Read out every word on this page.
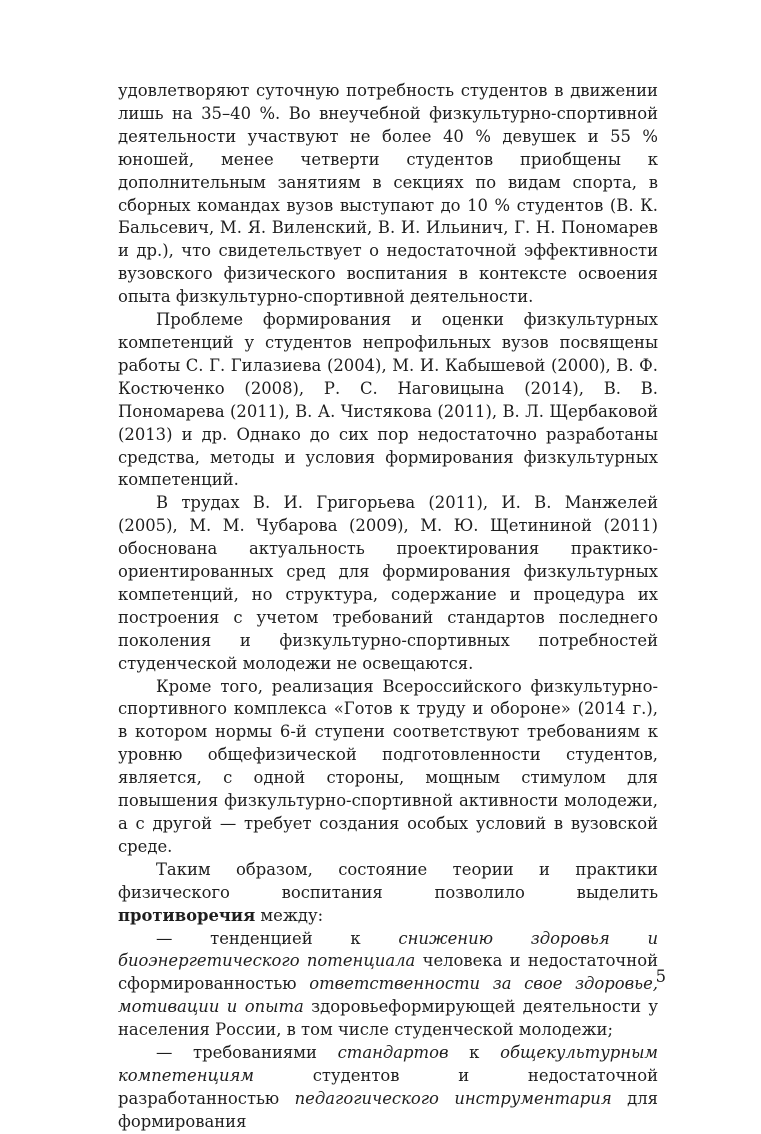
удовлетворяют суточную потребность студентов в движении лишь на 35–40 %. Во внеучебной физкультурно-спортивной деятельности участвуют не более 40 % девушек и 55 % юношей, менее четверти студентов приобщены к дополнительным занятиям в секциях по видам спорта, в сборных командах вузов выступают до 10 % студентов (В. К. Бальсевич, М. Я. Виленский, В. И. Ильинич, Г. Н. Пономарев и др.), что свидетельствует о недостаточной эффективности вузовского физического воспитания в контексте освоения опыта физкультурно-спортивной деятельности.

Проблеме формирования и оценки физкультурных компетенций у студентов непрофильных вузов посвящены работы С. Г. Гилазиева (2004), М. И. Кабышевой (2000), В. Ф. Костюченко (2008), Р. С. Наговицына (2014), В. В. Пономарева (2011), В. А. Чистякова (2011), В. Л. Щербаковой (2013) и др. Однако до сих пор недостаточно разработаны средства, методы и условия формирования физкультурных компетенций.

В трудах В. И. Григорьева (2011), И. В. Манжелей (2005), М. М. Чубарова (2009), М. Ю. Щетининой (2011) обоснована актуальность проектирования практико-ориентированных сред для формирования физкультурных компетенций, но структура, содержание и процедура их построения с учетом требований стандартов последнего поколения и физкультурно-спортивных потребностей студенческой молодежи не освещаются.

Кроме того, реализация Всероссийского физкультурно-спортивного комплекса «Готов к труду и обороне» (2014 г.), в котором нормы 6-й ступени соответствуют требованиям к уровню общефизической подготовленности студентов, является, с одной стороны, мощным стимулом для повышения физкультурно-спортивной активности молодежи, а с другой — требует создания особых условий в вузовской среде.

Таким образом, состояние теории и практики физического воспитания позволило выделить противоречия между:

— тенденцией к снижению здоровья и биоэнергетического потенциала человека и недостаточной сформированностью ответственности за свое здоровье, мотивации и опыта здоровьеформирующей деятельности у населения России, в том числе студенческой молодежи;

— требованиями стандартов к общекультурным компетенциям студентов и недостаточной разработанностью педагогического инструментария для формирования

5
